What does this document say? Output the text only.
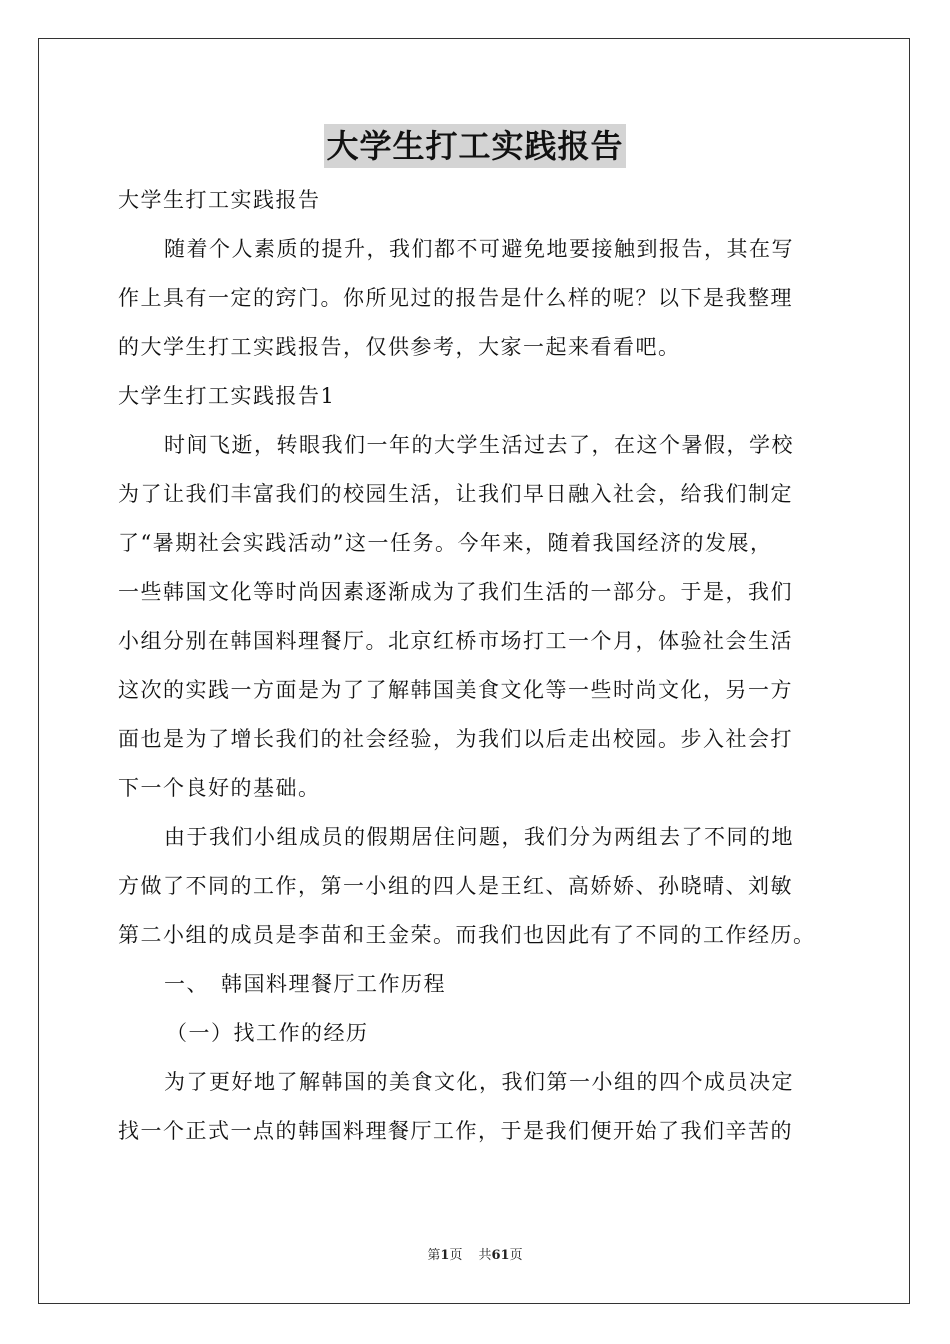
大学生打工实践报告
大学生打工实践报告
随着个人素质的提升，我们都不可避免地要接触到报告，其在写
作上具有一定的窍门。你所见过的报告是什么样的呢？以下是我整理
的大学生打工实践报告，仅供参考，大家一起来看看吧。
大学生打工实践报告1
时间飞逝，转眼我们一年的大学生活过去了，在这个暑假，学校
为了让我们丰富我们的校园生活，让我们早日融入社会，给我们制定
了“暑期社会实践活动”这一任务。今年来，随着我国经济的发展，
一些韩国文化等时尚因素逐渐成为了我们生活的一部分。于是，我们
小组分别在韩国料理餐厅。北京红桥市场打工一个月，体验社会生活
这次的实践一方面是为了了解韩国美食文化等一些时尚文化，另一方
面也是为了增长我们的社会经验，为我们以后走出校园。步入社会打
下一个良好的基础。
由于我们小组成员的假期居住问题，我们分为两组去了不同的地
方做了不同的工作，第一小组的四人是王红、高娇娇、孙晓晴、刘敏
第二小组的成员是李苗和王金荣。而我们也因此有了不同的工作经历。
一、　韩国料理餐厅工作历程
（一）找工作的经历
为了更好地了解韩国的美食文化，我们第一小组的四个成员决定
找一个正式一点的韩国料理餐厅工作，于是我们便开始了我们辛苦的
第1页 共61页
